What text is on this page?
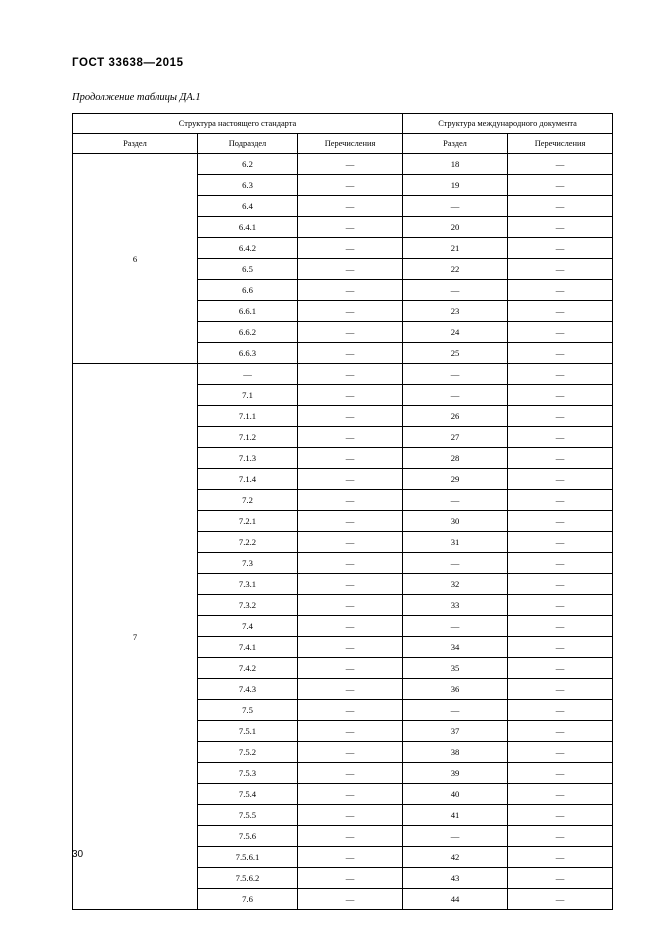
ГОСТ 33638—2015
Продолжение таблицы ДА.1
Структура настоящего стандарта			Структура международного документа	
Раздел	Подраздел	Перечисления	Раздел	Перечисления
6	6.2	—	18	—
	6.3	—	19	—
	6.4	—	—	—
	6.4.1	—	20	—
	6.4.2	—	21	—
	6.5	—	22	—
	6.6	—	—	—
	6.6.1	—	23	—
	6.6.2	—	24	—
	6.6.3	—	25	—
7	—	—	—	—
	7.1	—	—	—
	7.1.1	—	26	—
	7.1.2	—	27	—
	7.1.3	—	28	—
	7.1.4	—	29	—
	7.2	—	—	—
	7.2.1	—	30	—
	7.2.2	—	31	—
	7.3	—	—	—
	7.3.1	—	32	—
	7.3.2	—	33	—
	7.4	—	—	—
	7.4.1	—	34	—
	7.4.2	—	35	—
	7.4.3	—	36	—
	7.5	—	—	—
	7.5.1	—	37	—
	7.5.2	—	38	—
	7.5.3	—	39	—
	7.5.4	—	40	—
	7.5.5	—	41	—
	7.5.6	—	—	—
	7.5.6.1	—	42	—
	7.5.6.2	—	43	—
	7.6	—	44	—
30
